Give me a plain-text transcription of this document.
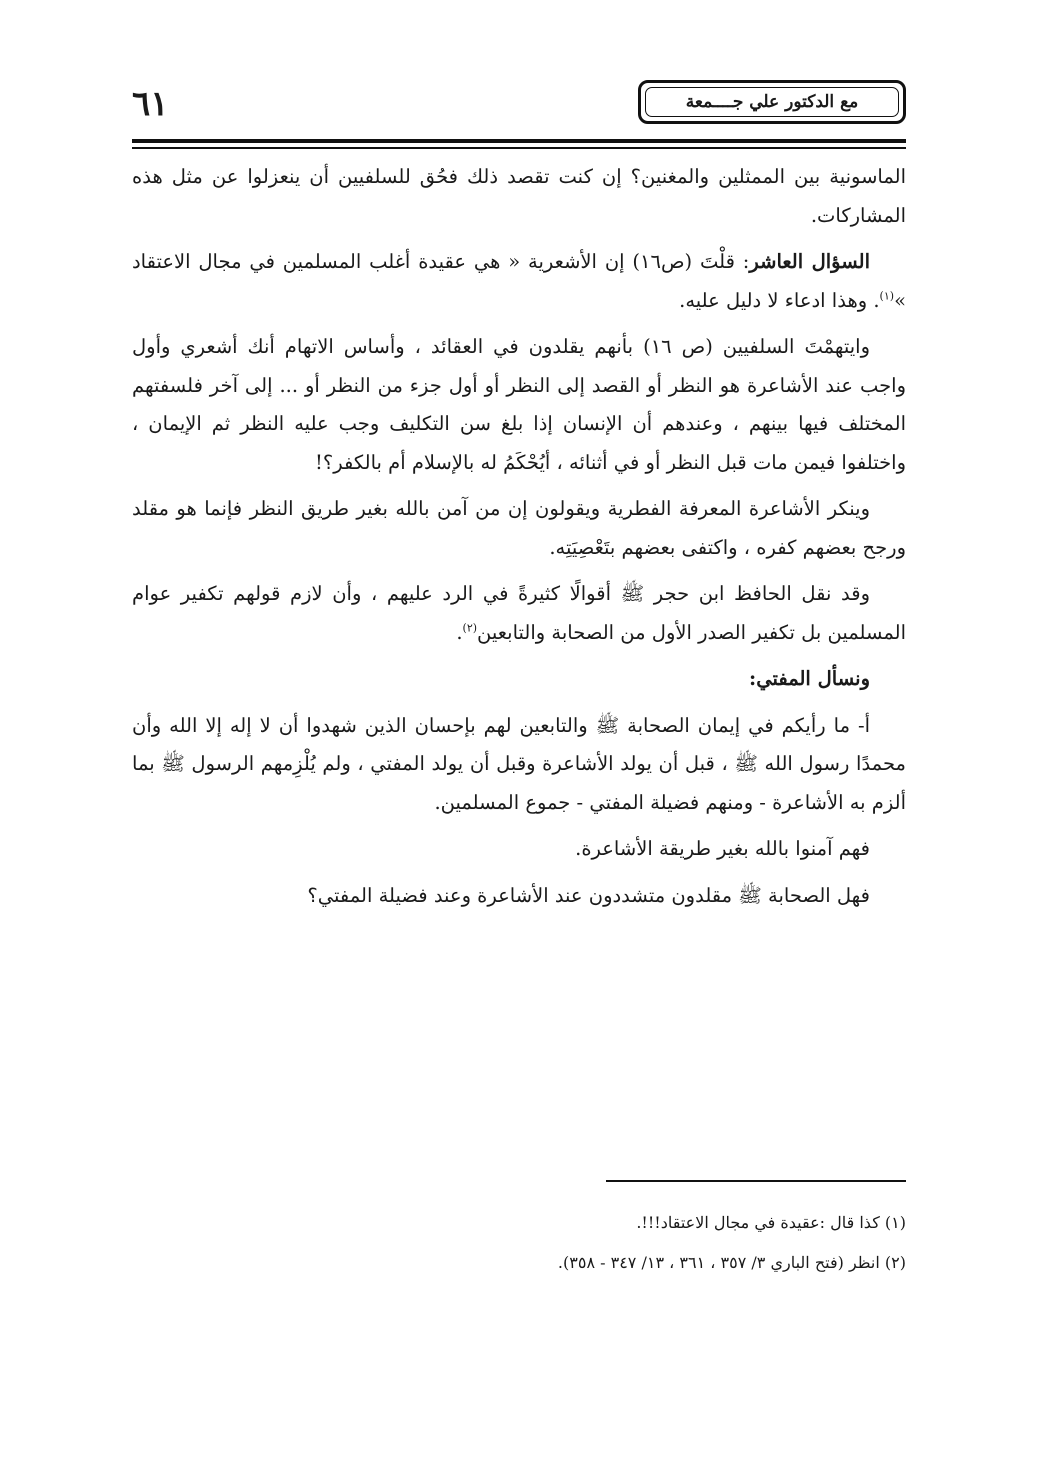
٦١	مع الدكتور علي جــــمعة

الماسونية بين الممثلين والمغنين؟ إن كنت تقصد ذلك فحُق للسلفيين أن ينعزلوا عن مثل هذه المشاركات.

السؤال العاشر: قلْتَ (ص١٦) إن الأشعرية « هي عقيدة أغلب المسلمين في مجال الاعتقاد »$^{(١)}$. وهذا ادعاء لا دليل عليه.

وايتهمْتَ السلفيين (ص ١٦) بأنهم يقلدون في العقائد ، وأساس الاتهام أنك أشعري وأول واجب عند الأشاعرة هو النظر أو القصد إلى النظر أو أول جزء من النظر أو ... إلى آخر فلسفتهم المختلف فيها بينهم ، وعندهم أن الإنسان إذا بلغ سن التكليف وجب عليه النظر ثم الإيمان ، واختلفوا فيمن مات قبل النظر أو في أثنائه ، أيُحْكَمُ له بالإسلام أم بالكفر؟!

وينكر الأشاعرة المعرفة الفطرية ويقولون إن من آمن بالله بغير طريق النظر فإنما هو مقلد ورجح بعضهم كفره ، واكتفى بعضهم بتَعْصِيَتِه.

وقد نقل الحافظ ابن حجر ﷺ أقوالًا كثيرةً في الرد عليهم ، وأن لازم قولهم تكفير عوام المسلمين بل تكفير الصدر الأول من الصحابة والتابعين$^{(٢)}$.

ونسأل المفتي:

أ- ما رأيكم في إيمان الصحابة ﷺ والتابعين لهم بإحسان الذين شهدوا أن لا إله إلا الله وأن محمدًا رسول الله ﷺ ، قبل أن يولد الأشاعرة وقبل أن يولد المفتي ، ولم يُلْزِمهم الرسول ﷺ بما ألزم به الأشاعرة - ومنهم فضيلة المفتي - جموع المسلمين.

فهم آمنوا بالله بغير طريقة الأشاعرة.

فهل الصحابة ﷺ مقلدون متشددون عند الأشاعرة وعند فضيلة المفتي؟

(١) كذا قال :عقيدة في مجال الاعتقاد!!!.

(٢) انظر (فتح الباري ٣/ ٣٥٧ ، ٣٦١ ، ١٣/ ٣٤٧ - ٣٥٨).
